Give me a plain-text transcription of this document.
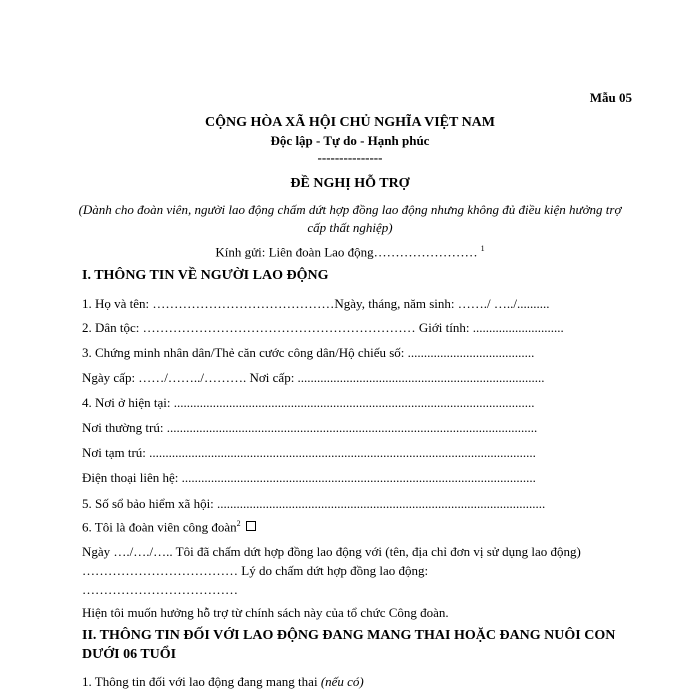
Mẫu 05
CỘNG HÒA XÃ HỘI CHỦ NGHĨA VIỆT NAM
Độc lập - Tự do - Hạnh phúc
---------------
ĐỀ NGHỊ HỖ TRỢ
(Dành cho đoàn viên, người lao động chấm dứt hợp đồng lao động nhưng không đủ điều kiện hưởng trợ cấp thất nghiệp)
Kính gửi: Liên đoàn Lao động…………………… $^1$
I. THÔNG TIN VỀ NGƯỜI LAO ĐỘNG
1. Họ và tên: ……………………………………Ngày, tháng, năm sinh: ……./ …../..........
2. Dân tộc: ……………………………………………………… Giới tính: ............................
3. Chứng minh nhân dân/Thẻ căn cước công dân/Hộ chiếu số: .......................................
Ngày cấp: ……/……../………. Nơi cấp: ............................................................................
4. Nơi ở hiện tại: ...............................................................................................................
Nơi thường trú: ..................................................................................................................
Nơi tạm trú: .......................................................................................................................
Điện thoại liên hệ: .............................................................................................................
5. Số sổ bảo hiểm xã hội: .....................................................................................................
6. Tôi là đoàn viên công đoàn$^2$
Ngày …./…./….. Tôi đã chấm dứt hợp đồng lao động với (tên, địa chỉ đơn vị sử dụng lao động)
……………………………… Lý do chấm dứt hợp đồng lao động:
………………………………
Hiện tôi muốn hưởng hỗ trợ từ chính sách này của tổ chức Công đoàn.
II. THÔNG TIN ĐỐI VỚI LAO ĐỘNG ĐANG MANG THAI HOẶC ĐANG NUÔI CON
DƯỚI 06 TUỔI
1. Thông tin đối với lao động đang mang thai (nếu có)
